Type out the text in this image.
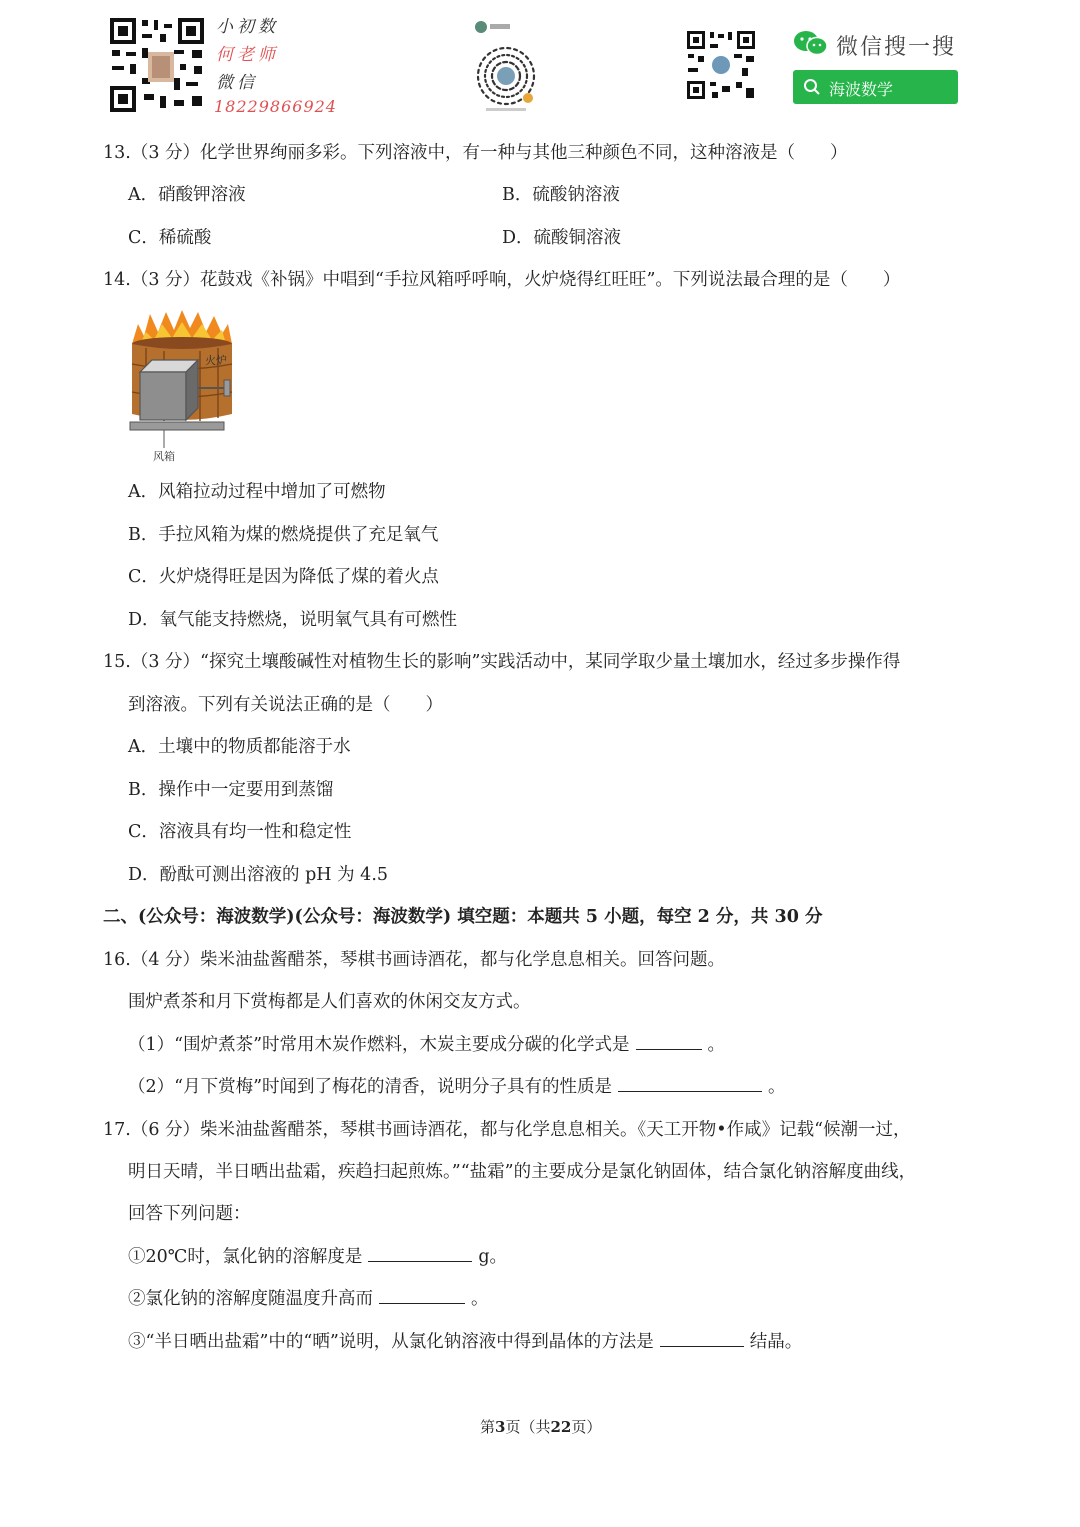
小初数
何老师
微信
18229866924
微信搜一搜
海波数学
13.（3 分）化学世界绚丽多彩。下列溶液中，有一种与其他三种颜色不同，这种溶液是（　　）
A．硝酸钾溶液	B．硫酸钠溶液
C．稀硫酸	D．硫酸铜溶液
14.（3 分）花鼓戏《补锅》中唱到“手拉风箱呼呼响，火炉烧得红旺旺”。下列说法最合理的是（　　）
火炉
风箱
A．风箱拉动过程中增加了可燃物
B．手拉风箱为煤的燃烧提供了充足氧气
C．火炉烧得旺是因为降低了煤的着火点
D．氧气能支持燃烧，说明氧气具有可燃性
15.（3 分）“探究土壤酸碱性对植物生长的影响”实践活动中，某同学取少量土壤加水，经过多步操作得
到溶液。下列有关说法正确的是（　　）
A．土壤中的物质都能溶于水
B．操作中一定要用到蒸馏
C．溶液具有均一性和稳定性
D．酚酞可测出溶液的 pH 为 4.5
二、(公众号：海波数学)(公众号：海波数学) 填空题：本题共 5 小题，每空 2 分，共 30 分
16.（4 分）柴米油盐酱醋茶，琴棋书画诗酒花，都与化学息息相关。回答问题。
围炉煮茶和月下赏梅都是人们喜欢的休闲交友方式。
（1）“围炉煮茶”时常用木炭作燃料，木炭主要成分碳的化学式是	。
（2）“月下赏梅”时闻到了梅花的清香，说明分子具有的性质是	。
17.（6 分）柴米油盐酱醋茶，琴棋书画诗酒花，都与化学息息相关。《天工开物•作咸》记载“候潮一过，
明日天晴，半日晒出盐霜，疾趋扫起煎炼。”“盐霜”的主要成分是氯化钠固体，结合氯化钠溶解度曲线，
回答下列问题：
①20℃时，氯化钠的溶解度是	g。
②氯化钠的溶解度随温度升高而	。
③“半日晒出盐霜”中的“晒”说明，从氯化钠溶液中得到晶体的方法是	结晶。
第3页（共22页）
